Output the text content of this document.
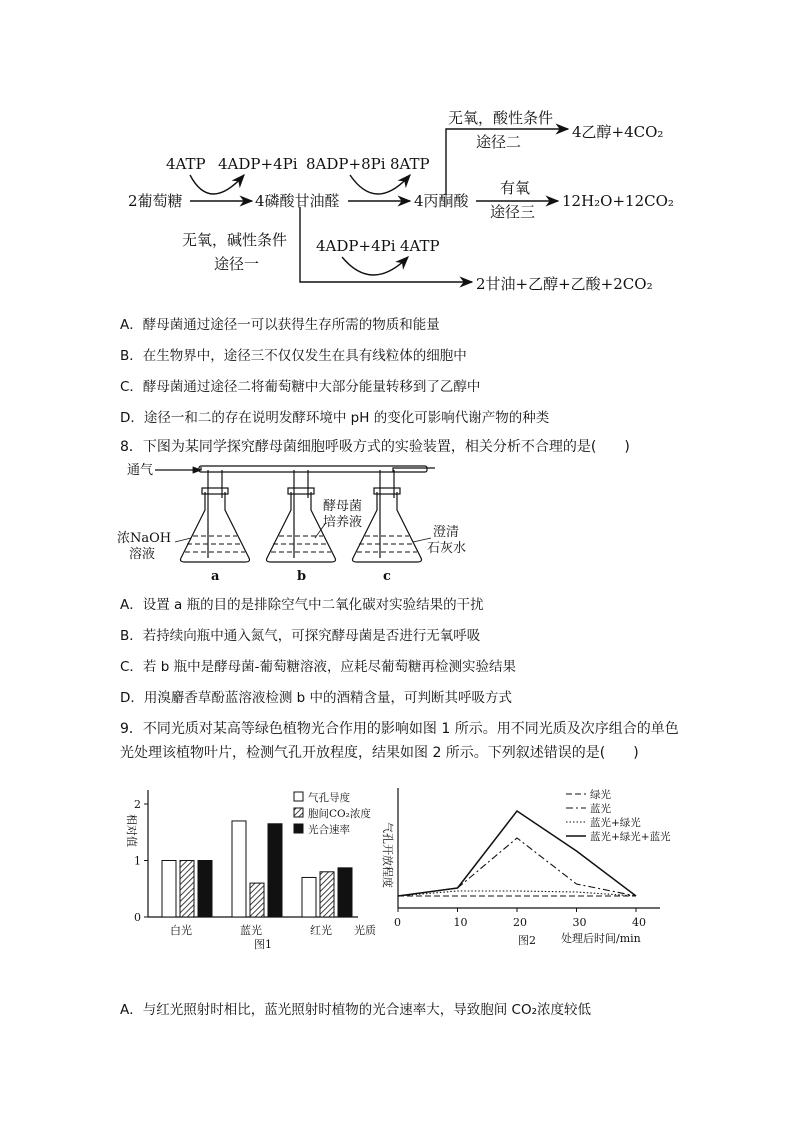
无氧，酸性条件
途径二
4乙醇+4CO₂
4ATP 4ADP+4Pi 8ADP+8Pi 8ATP
2葡萄糖	4磷酸甘油醛	4丙酮酸
有氧
途径三
12H₂O+12CO₂
无氧，碱性条件
途径一
4ADP+4Pi 4ATP
2甘油+乙醇+乙酸+2CO₂
A．酵母菌通过途径一可以获得生存所需的物质和能量
B．在生物界中，途径三不仅仅发生在具有线粒体的细胞中
C．酵母菌通过途径二将葡萄糖中大部分能量转移到了乙醇中
D．途径一和二的存在说明发酵环境中 pH 的变化可影响代谢产物的种类
8．下图为某同学探究酵母菌细胞呼吸方式的实验装置，相关分析不合理的是(　　)
通气
浓NaOH
溶液
酵母菌
培养液
澄清
石灰水
a	b	c
A．设置 a 瓶的目的是排除空气中二氧化碳对实验结果的干扰
B．若持续向瓶中通入氮气，可探究酵母菌是否进行无氧呼吸
C．若 b 瓶中是酵母菌-葡萄糖溶液，应耗尽葡萄糖再检测实验结果
D．用溴麝香草酚蓝溶液检测 b 中的酒精含量，可判断其呼吸方式
9．不同光质对某高等绿色植物光合作用的影响如图 1 所示。用不同光质及次序组合的单色
光处理该植物叶片，检测气孔开放程度，结果如图 2 所示。下列叙述错误的是(　　)
0
1
2
白光	蓝光	红光
气孔导度
胞间CO₂浓度
光合速率
相对值
光质
图1
0	10	20	30	40
绿光
蓝光
蓝光+绿光
蓝光+绿光+蓝光
气孔开放程度
处理后时间/min
图2
A．与红光照射时相比，蓝光照射时植物的光合速率大，导致胞间 CO₂浓度较低
